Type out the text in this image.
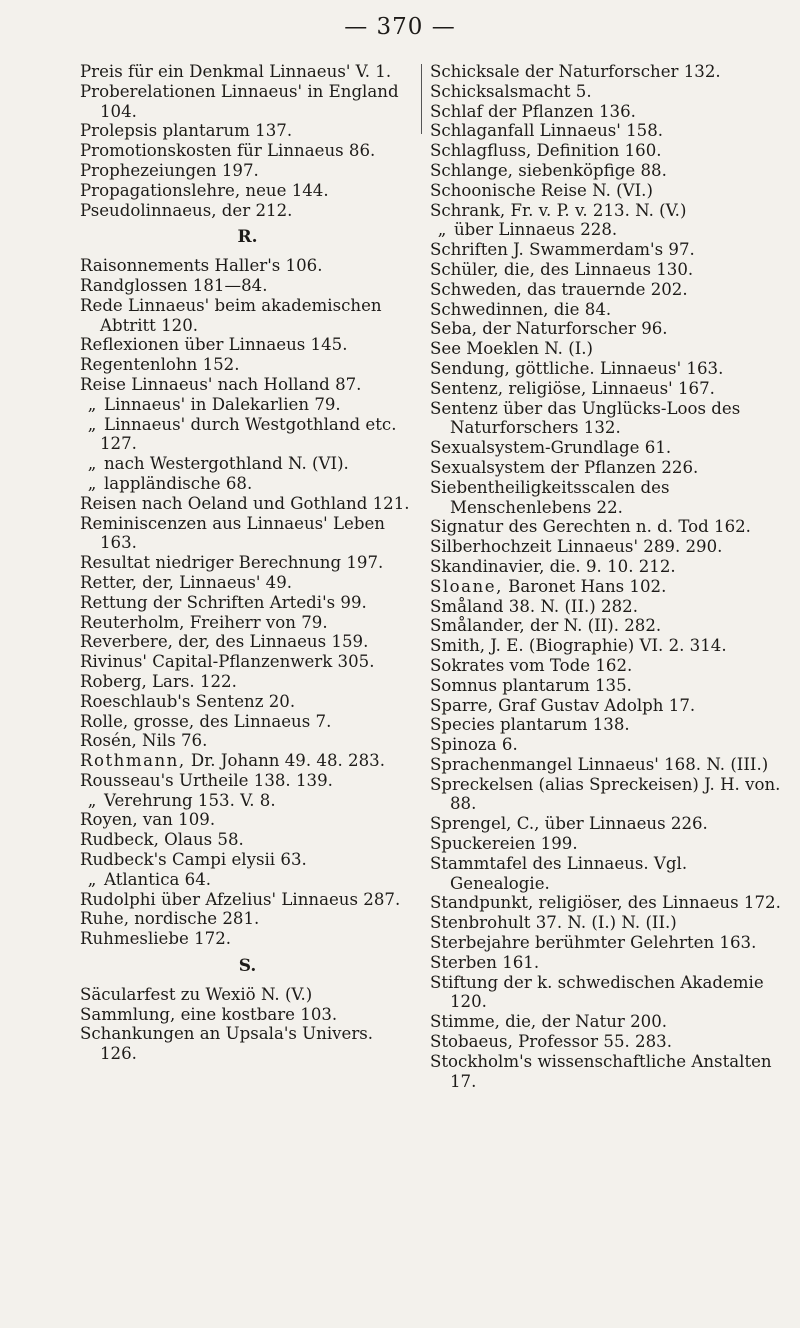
— 370 —
Preis für ein Denkmal Linnaeus' V. 1.
Proberelationen Linnaeus' in England 104.
Prolepsis plantarum 137.
Promotionskosten für Linnaeus 86.
Prophezeiungen 197.
Propagationslehre, neue 144.
Pseudolinnaeus, der 212.
R.
Raisonnements Haller's 106.
Randglossen 181—84.
Rede Linnaeus' beim akademischen Abtritt 120.
Reflexionen über Linnaeus 145.
Regentenlohn 152.
Reise Linnaeus' nach Holland 87.
„ Linnaeus' in Dalekarlien 79.
„ Linnaeus' durch Westgothland etc. 127.
„ nach Westergothland N. (VI).
„ lappländische 68.
Reisen nach Oeland und Gothland 121.
Reminiscenzen aus Linnaeus' Leben 163.
Resultat niedriger Berechnung 197.
Retter, der, Linnaeus' 49.
Rettung der Schriften Artedi's 99.
Reuterholm, Freiherr von 79.
Reverbere, der, des Linnaeus 159.
Rivinus' Capital-Pflanzenwerk 305.
Roberg, Lars. 122.
Roeschlaub's Sentenz 20.
Rolle, grosse, des Linnaeus 7.
Rosén, Nils 76.
Rothmann, Dr. Johann 49. 48. 283.
Rousseau's Urtheile 138. 139.
„ Verehrung 153. V. 8.
Royen, van 109.
Rudbeck, Olaus 58.
Rudbeck's Campi elysii 63.
„ Atlantica 64.
Rudolphi über Afzelius' Linnaeus 287.
Ruhe, nordische 281.
Ruhmesliebe 172.
S.
Säcularfest zu Wexiö N. (V.)
Sammlung, eine kostbare 103.
Schankungen an Upsala's Univers. 126.
Schicksale der Naturforscher 132.
Schicksalsmacht 5.
Schlaf der Pflanzen 136.
Schlaganfall Linnaeus' 158.
Schlagfluss, Definition 160.
Schlange, siebenköpfige 88.
Schoonische Reise N. (VI.)
Schrank, Fr. v. P. v. 213. N. (V.)
„ über Linnaeus 228.
Schriften J. Swammerdam's 97.
Schüler, die, des Linnaeus 130.
Schweden, das trauernde 202.
Schwedinnen, die 84.
Seba, der Naturforscher 96.
See Moeklen N. (I.)
Sendung, göttliche. Linnaeus' 163.
Sentenz, religiöse, Linnaeus' 167.
Sentenz über das Unglücks-Loos des Naturforschers 132.
Sexualsystem-Grundlage 61.
Sexualsystem der Pflanzen 226.
Siebentheiligkeitsscalen des Menschenlebens 22.
Signatur des Gerechten n. d. Tod 162.
Silberhochzeit Linnaeus' 289. 290.
Skandinavier, die. 9. 10. 212.
Sloane, Baronet Hans 102.
Småland 38. N. (II.) 282.
Smålander, der N. (II). 282.
Smith, J. E. (Biographie) VI. 2. 314.
Sokrates vom Tode 162.
Somnus plantarum 135.
Sparre, Graf Gustav Adolph 17.
Species plantarum 138.
Spinoza 6.
Sprachenmangel Linnaeus' 168. N. (III.)
Spreckelsen (alias Spreckeisen) J. H. von. 88.
Sprengel, C., über Linnaeus 226.
Spuckereien 199.
Stammtafel des Linnaeus. Vgl. Genealogie.
Standpunkt, religiöser, des Linnaeus 172.
Stenbrohult 37. N. (I.) N. (II.)
Sterbejahre berühmter Gelehrten 163.
Sterben 161.
Stiftung der k. schwedischen Akademie 120.
Stimme, die, der Natur 200.
Stobaeus, Professor 55. 283.
Stockholm's wissenschaftliche Anstalten 17.
